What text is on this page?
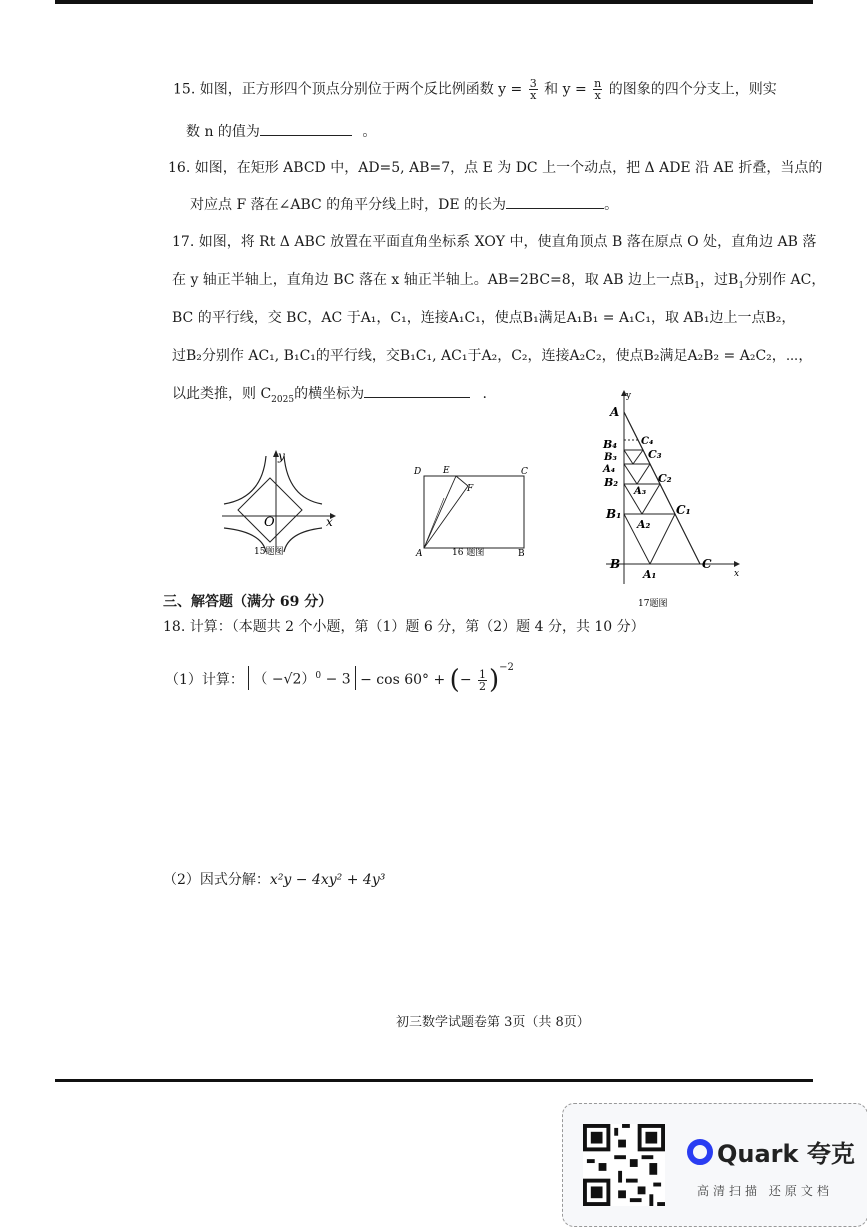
15. 如图，正方形四个顶点分别位于两个反比例函数 $y = \frac{3}{x}$ 和 $y = \frac{n}{x}$ 的图象的四个分支上，则实
数 n 的值为	。
16. 如图，在矩形 ABCD 中，AD=5, AB=7，点 E 为 DC 上一个动点，把 Δ ADE 沿 AE 折叠，当点的
对应点 F 落在∠ABC 的角平分线上时，DE 的长为	。
17. 如图，将 Rt Δ ABC 放置在平面直角坐标系 XOY 中，使直角顶点 B 落在原点 O 处，直角边 AB 落
在 y 轴正半轴上，直角边 BC 落在 x 轴正半轴上。AB=2BC=8，取 AB 边上一点$B_1$，过$B_1$分别作 AC，
BC 的平行线，交 BC，AC 于A₁，C₁，连接A₁C₁，使点B₁满足A₁B₁ = A₁C₁，取 AB₁边上一点B₂，
过B₂分别作 AC₁, B₁C₁的平行线，交B₁C₁, AC₁于A₂，C₂，连接A₂C₂，使点B₂满足A₂B₂ = A₂C₂，⋯，
以此类推，则 $C_{2025}$的横坐标为	.
y
x
O
15题图
D E	C
F
A	B
16 题图
A
y
x
B	C
B₄ C₄
B₃	C₃
A₄
B₂	C₂
A₃
B₁	C₁
A₂
A₁
17题图
三、解答题（满分 69 分）
18. 计算：（本题共 2 个小题，第（1）题 6 分，第（2）题 4 分，共 10 分）
（1）计算： （ −√2）$^0$ − 3 − cos 60° + (− $\frac{1}{2} )^{-2}$
（2）因式分解：x²y − 4xy² + 4y³
初三数学试题卷第 3页（共 8页）
Quark 夸克
高清扫描 还原文档
